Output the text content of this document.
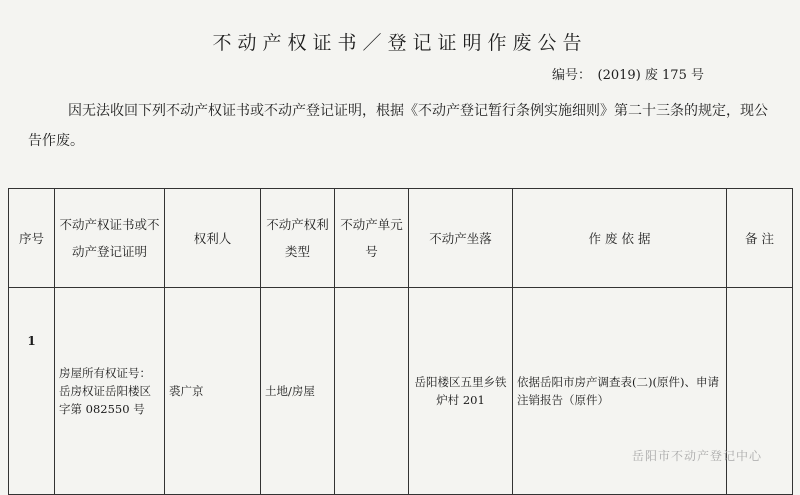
不动产权证书／登记证明作废公告
编号：　(2019) 废 175 号
因无法收回下列不动产权证书或不动产登记证明，根据《不动产登记暂行条例实施细则》第二十三条的规定，现公告作废。
序号	不动产权证书或不动产登记证明	权利人	不动产权利类型	不动产单元号	不动产坐落	作 废 依 据	备 注
1	房屋所有权证号：岳房权证岳阳楼区字第 082550 号	裘广京	土地/房屋		岳阳楼区五里乡铁炉村 201	依据岳阳市房产调查表(二)(原件)、申请注销报告（原件）	
岳阳市不动产登记中心
